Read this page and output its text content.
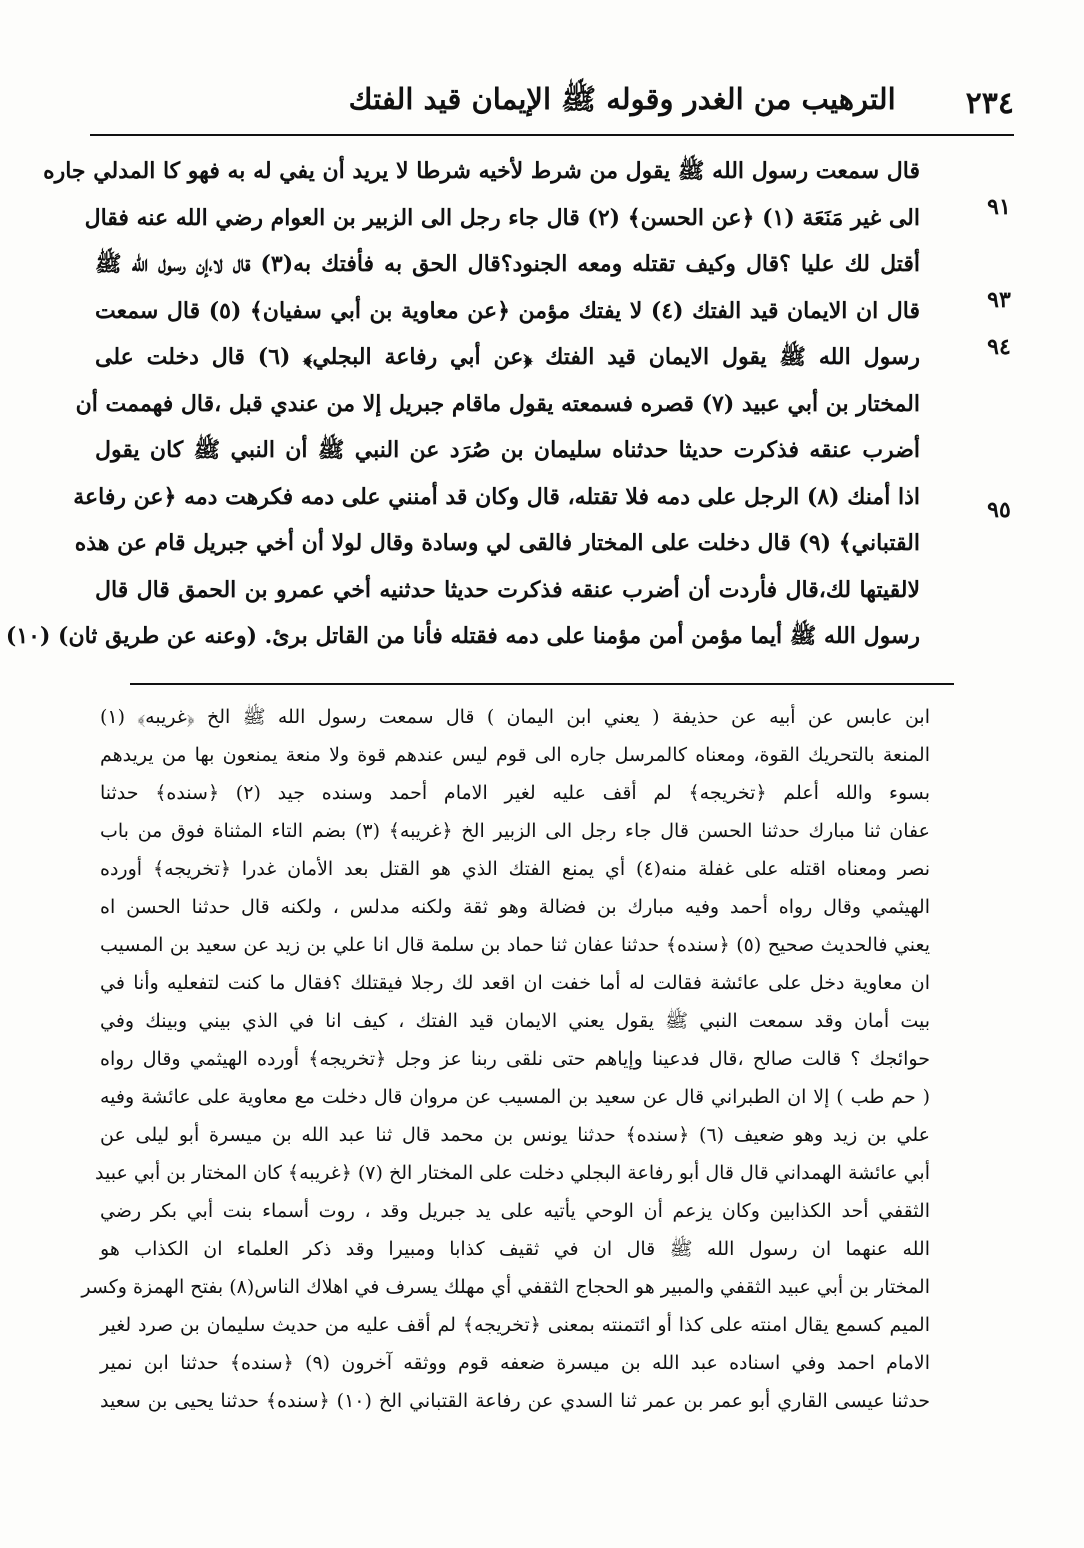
٢٣٤
الترهيب من الغدر وقوله ﷺ الإيمان قيد الفتك
٩١
٩٣
٩٤
٩٥
قال سمعت رسول الله ﷺ يقول من شرط لأخيه شرطا لا يريد أن يفي له به فهو كا المدلي جاره
الى غير مَنَعَة (١) ﴿عن الحسن﴾ (٢) قال جاء رجل الى الزبير بن العوام رضي الله عنه فقال
أقتل لك عليا ؟قال وكيف تقتله ومعه الجنود؟قال الحق به فأفتك به(٣) قال لا،إن رسول الله ﷺ
قال ان الايمان قيد الفتك (٤) لا يفتك مؤمن ﴿عن معاوية بن أبي سفيان﴾ (٥) قال سمعت
رسول الله ﷺ يقول الايمان قيد الفتك ﴿عن أبي رفاعة البجلي﴾ (٦) قال دخلت على
المختار بن أبي عبيد (٧) قصره فسمعته يقول ماقام جبريل إلا من عندي قبل ،قال فهممت أن
أضرب عنقه فذكرت حديثا حدثناه سليمان بن صُرَد عن النبي ﷺ أن النبي ﷺ كان يقول
اذا أمنك (٨) الرجل على دمه فلا تقتله، قال وكان قد أمنني على دمه فكرهت دمه ﴿عن رفاعة
القتباني﴾ (٩) قال دخلت على المختار فالقى لي وسادة وقال لولا أن أخي جبريل قام عن هذه
لالقيتها لك،قال فأردت أن أضرب عنقه فذكرت حديثا حدثنيه أخي عمرو بن الحمق قال قال
رسول الله ﷺ أيما مؤمن أمن مؤمنا على دمه فقتله فأنا من القاتل برئ. (وعنه عن طريق ثان) (١٠)
ابن عابس عن أبيه عن حذيفة ( يعني ابن اليمان ) قال سمعت رسول الله ﷺ الخ ﴿غريبه﴾ (١)
المنعة بالتحريك القوة، ومعناه كالمرسل جاره الى قوم ليس عندهم قوة ولا منعة يمنعون بها من يريدهم
بسوء والله أعلم ﴿تخريجه﴾ لم أقف عليه لغير الامام أحمد وسنده جيد (٢) ﴿سنده﴾ حدثنا
عفان ثنا مبارك حدثنا الحسن قال جاء رجل الى الزبير الخ ﴿غريبه﴾ (٣) بضم التاء المثناة فوق من باب
نصر ومعناه اقتله على غفلة منه(٤) أي يمنع الفتك الذي هو القتل بعد الأمان غدرا ﴿تخريجه﴾ أورده
الهيثمي وقال رواه أحمد وفيه مبارك بن فضالة وهو ثقة ولكنه مدلس ، ولكنه قال حدثنا الحسن اه
يعني فالحديث صحيح (٥) ﴿سنده﴾ حدثنا عفان ثنا حماد بن سلمة قال انا علي بن زيد عن سعيد بن المسيب
ان معاوية دخل على عائشة فقالت له أما خفت ان اقعد لك رجلا فيقتلك ؟فقال ما كنت لتفعليه وأنا في
بيت أمان وقد سمعت النبي ﷺ يقول يعني الايمان قيد الفتك ، كيف انا في الذي بيني وبينك وفي
حوائجك ؟ قالت صالح ،قال فدعينا وإياهم حتى نلقى ربنا عز وجل ﴿تخريجه﴾ أورده الهيثمي وقال رواه
( حم طب ) إلا ان الطبراني قال عن سعيد بن المسيب عن مروان قال دخلت مع معاوية على عائشة وفيه
علي بن زيد وهو ضعيف (٦) ﴿سنده﴾ حدثنا يونس بن محمد قال ثنا عبد الله بن ميسرة أبو ليلى عن
أبي عائشة الهمداني قال قال أبو رفاعة البجلي دخلت على المختار الخ (٧) ﴿غريبه﴾ كان المختار بن أبي عبيد
الثقفي أحد الكذابين وكان يزعم أن الوحي يأتيه على يد جبريل وقد ، روت أسماء بنت أبي بكر رضي
الله عنهما ان رسول الله ﷺ قال ان في ثقيف كذابا ومبيرا وقد ذكر العلماء ان الكذاب هو
المختار بن أبي عبيد الثقفي والمبير هو الحجاج الثقفي أي مهلك يسرف في اهلاك الناس(٨) بفتح الهمزة وكسر
الميم كسمع يقال امنته على كذا أو ائتمنته بمعنى ﴿تخريجه﴾ لم أقف عليه من حديث سليمان بن صرد لغير
الامام احمد وفي اسناده عبد الله بن ميسرة ضعفه قوم ووثقه آخرون (٩) ﴿سنده﴾ حدثنا ابن نمير
حدثنا عيسى القاري أبو عمر بن عمر ثنا السدي عن رفاعة القتباني الخ (١٠) ﴿سنده﴾ حدثنا يحيى بن سعيد
